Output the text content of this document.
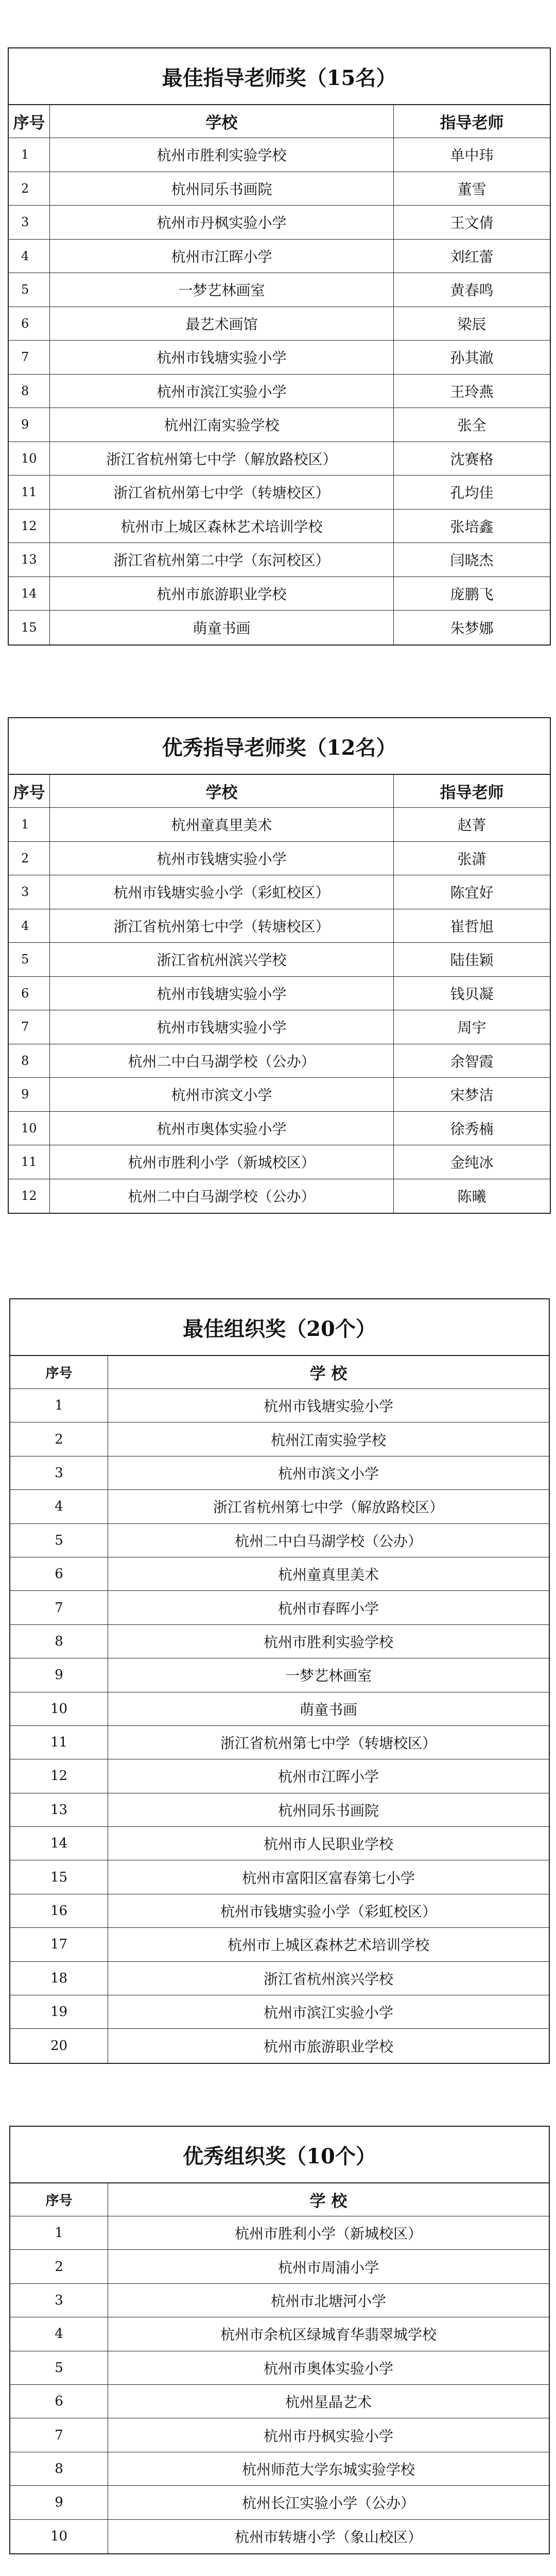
最佳指导老师奖（15名）
序号	学校	指导老师
1	杭州市胜利实验学校	单中玮
2	杭州同乐书画院	董雪
3	杭州市丹枫实验小学	王文倩
4	杭州市江晖小学	刘红蕾
5	一梦艺林画室	黄春鸣
6	最艺术画馆	梁辰
7	杭州市钱塘实验小学	孙其澈
8	杭州市滨江实验小学	王玲燕
9	杭州江南实验学校	张全
10	浙江省杭州第七中学（解放路校区）	沈赛格
11	浙江省杭州第七中学（转塘校区）	孔均佳
12	杭州市上城区森林艺术培训学校	张培鑫
13	浙江省杭州第二中学（东河校区）	闫晓杰
14	杭州市旅游职业学校	庞鹏飞
15	萌童书画	朱梦娜
优秀指导老师奖（12名）
序号	学校	指导老师
1	杭州童真里美术	赵菁
2	杭州市钱塘实验小学	张潇
3	杭州市钱塘实验小学（彩虹校区）	陈宜好
4	浙江省杭州第七中学（转塘校区）	崔哲旭
5	浙江省杭州滨兴学校	陆佳颖
6	杭州市钱塘实验小学	钱贝凝
7	杭州市钱塘实验小学	周宇
8	杭州二中白马湖学校（公办）	余智霞
9	杭州市滨文小学	宋梦洁
10	杭州市奥体实验小学	徐秀楠
11	杭州市胜利小学（新城校区）	金纯冰
12	杭州二中白马湖学校（公办）	陈曦
最佳组织奖（20个）
序号	学 校
1	杭州市钱塘实验小学
2	杭州江南实验学校
3	杭州市滨文小学
4	浙江省杭州第七中学（解放路校区）
5	杭州二中白马湖学校（公办）
6	杭州童真里美术
7	杭州市春晖小学
8	杭州市胜利实验学校
9	一梦艺林画室
10	萌童书画
11	浙江省杭州第七中学（转塘校区）
12	杭州市江晖小学
13	杭州同乐书画院
14	杭州市人民职业学校
15	杭州市富阳区富春第七小学
16	杭州市钱塘实验小学（彩虹校区）
17	杭州市上城区森林艺术培训学校
18	浙江省杭州滨兴学校
19	杭州市滨江实验小学
20	杭州市旅游职业学校
优秀组织奖（10个）
序号	学 校
1	杭州市胜利小学（新城校区）
2	杭州市周浦小学
3	杭州市北塘河小学
4	杭州市余杭区绿城育华翡翠城学校
5	杭州市奥体实验小学
6	杭州星晶艺术
7	杭州市丹枫实验小学
8	杭州师范大学东城实验学校
9	杭州长江实验小学（公办）
10	杭州市转塘小学（象山校区）
